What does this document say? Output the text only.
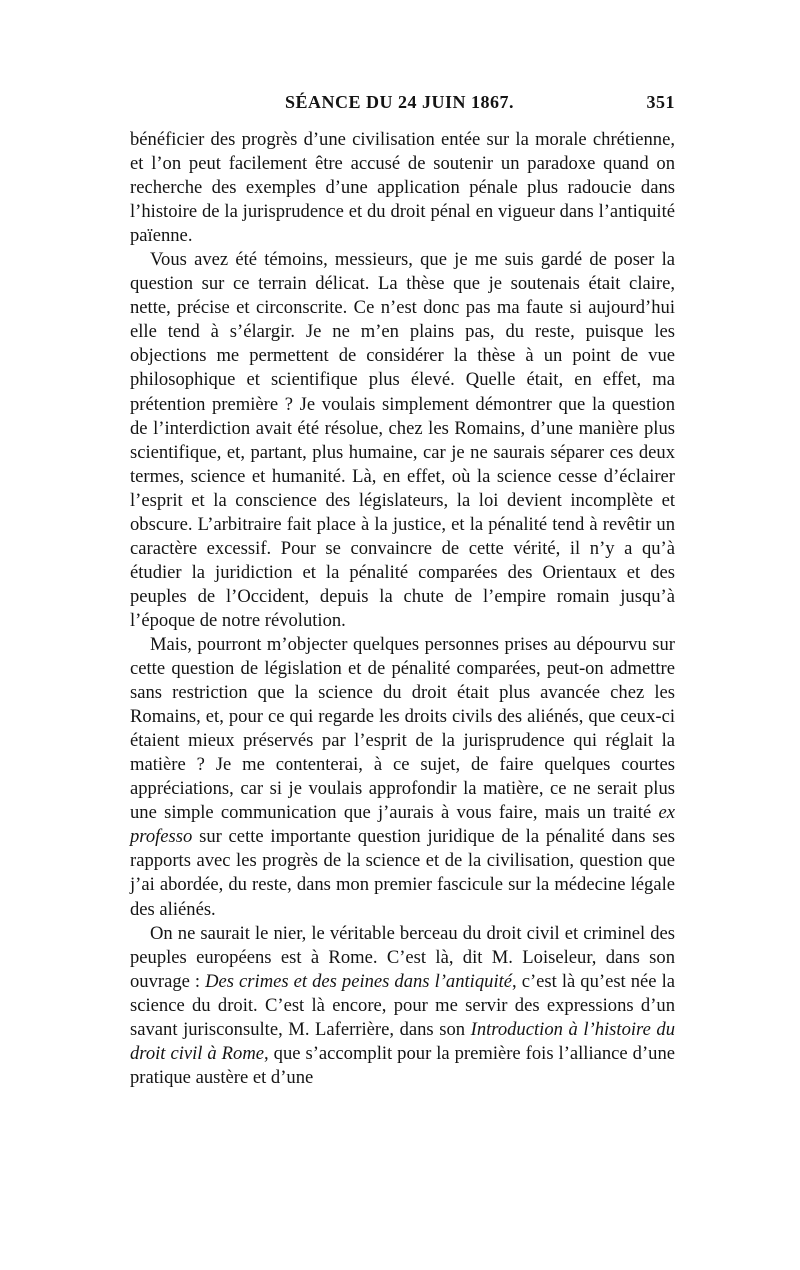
SÉANCE DU 24 JUIN 1867.	351

bénéficier des progrès d’une civilisation entée sur la morale chrétienne, et l’on peut facilement être accusé de soutenir un paradoxe quand on recherche des exemples d’une application pénale plus radoucie dans l’histoire de la jurisprudence et du droit pénal en vigueur dans l’antiquité païenne.

Vous avez été témoins, messieurs, que je me suis gardé de poser la question sur ce terrain délicat. La thèse que je soutenais était claire, nette, précise et circonscrite. Ce n’est donc pas ma faute si aujourd’hui elle tend à s’élargir. Je ne m’en plains pas, du reste, puisque les objections me permettent de considérer la thèse à un point de vue philosophique et scientifique plus élevé. Quelle était, en effet, ma prétention première ? Je voulais simplement démontrer que la question de l’interdiction avait été résolue, chez les Romains, d’une manière plus scientifique, et, partant, plus humaine, car je ne saurais séparer ces deux termes, science et humanité. Là, en effet, où la science cesse d’éclairer l’esprit et la conscience des législateurs, la loi devient incomplète et obscure. L’arbitraire fait place à la justice, et la pénalité tend à revêtir un caractère excessif. Pour se convaincre de cette vérité, il n’y a qu’à étudier la juridiction et la pénalité comparées des Orientaux et des peuples de l’Occident, depuis la chute de l’empire romain jusqu’à l’époque de notre révolution.

Mais, pourront m’objecter quelques personnes prises au dépourvu sur cette question de législation et de pénalité comparées, peut-on admettre sans restriction que la science du droit était plus avancée chez les Romains, et, pour ce qui regarde les droits civils des aliénés, que ceux-ci étaient mieux préservés par l’esprit de la jurisprudence qui réglait la matière ? Je me contenterai, à ce sujet, de faire quelques courtes appréciations, car si je voulais approfondir la matière, ce ne serait plus une simple communication que j’aurais à vous faire, mais un traité ex professo sur cette importante question juridique de la pénalité dans ses rapports avec les progrès de la science et de la civilisation, question que j’ai abordée, du reste, dans mon premier fascicule sur la médecine légale des aliénés.

On ne saurait le nier, le véritable berceau du droit civil et criminel des peuples européens est à Rome. C’est là, dit M. Loiseleur, dans son ouvrage : Des crimes et des peines dans l’antiquité, c’est là qu’est née la science du droit. C’est là encore, pour me servir des expressions d’un savant jurisconsulte, M. Laferrière, dans son Introduction à l’histoire du droit civil à Rome, que s’accomplit pour la première fois l’alliance d’une pratique austère et d’une
